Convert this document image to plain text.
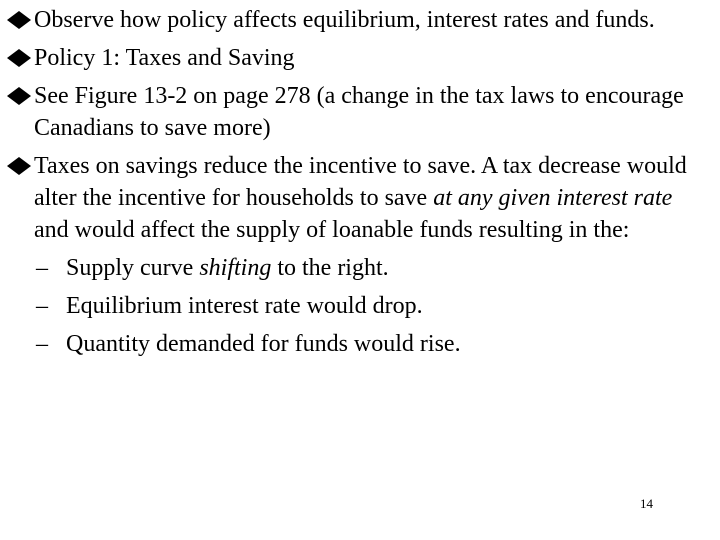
Observe how policy affects equilibrium, interest rates and funds.
Policy 1: Taxes and Saving
See Figure 13-2 on page 278 (a change in the tax laws to encourage Canadians to save more)
Taxes on savings reduce the incentive to save. A tax decrease would alter the incentive for households to save at any given interest rate and would affect the supply of loanable funds resulting in the:
– Supply curve shifting to the right.
– Equilibrium interest rate would drop.
– Quantity demanded for funds would rise.
14
